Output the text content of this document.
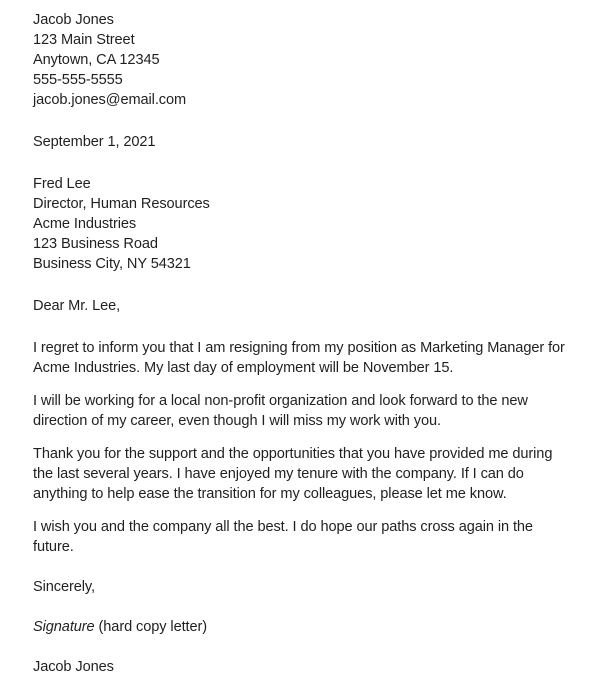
Jacob Jones
123 Main Street
Anytown, CA 12345
555-555-5555
jacob.jones@email.com
September 1, 2021
Fred Lee
Director, Human Resources
Acme Industries
123 Business Road
Business City, NY 54321
Dear Mr. Lee,

I regret to inform you that I am resigning from my position as Marketing Manager for Acme Industries. My last day of employment will be November 15.

I will be working for a local non-profit organization and look forward to the new direction of my career, even though I will miss my work with you.

Thank you for the support and the opportunities that you have provided me during the last several years. I have enjoyed my tenure with the company. If I can do anything to help ease the transition for my colleagues, please let me know.

I wish you and the company all the best. I do hope our paths cross again in the future.

Sincerely,
Signature (hard copy letter)
Jacob Jones
